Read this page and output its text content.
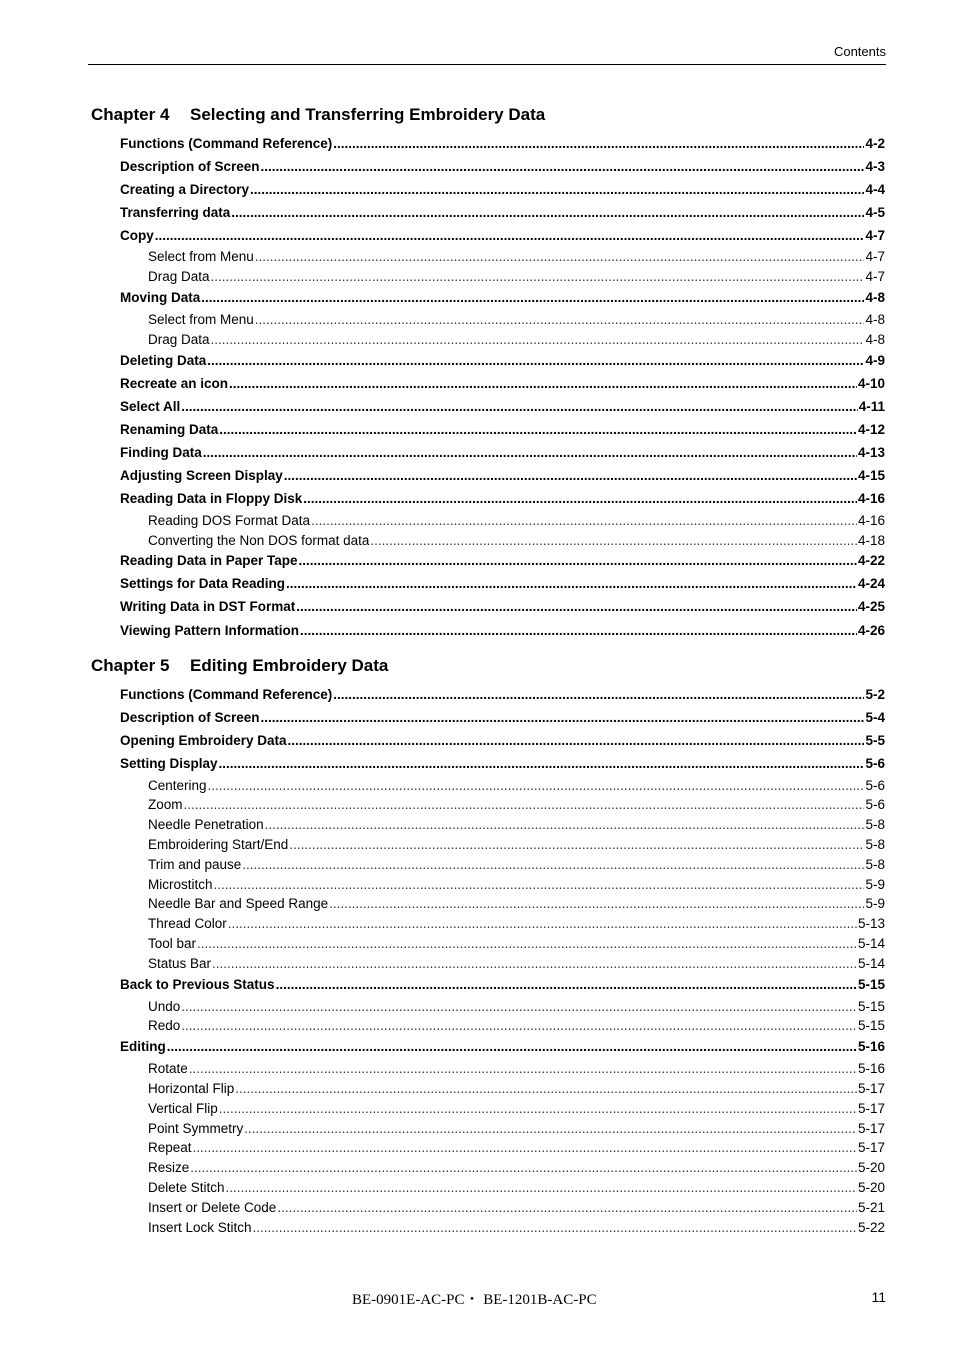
Contents
Chapter 4 Selecting and Transferring Embroidery Data
Functions (Command Reference) .....	4-2
Description of Screen .....	4-3
Creating a Directory .....	4-4
Transferring data .....	4-5
Copy .....	4-7
Select from Menu .....	4-7
Drag Data .....	4-7
Moving Data .....	4-8
Select from Menu .....	4-8
Drag Data .....	4-8
Deleting Data .....	4-9
Recreate an icon .....	4-10
Select All .....	4-11
Renaming Data .....	4-12
Finding Data .....	4-13
Adjusting Screen Display .....	4-15
Reading Data in Floppy Disk .....	4-16
Reading DOS Format Data .....	4-16
Converting the Non DOS format data .....	4-18
Reading Data in Paper Tape .....	4-22
Settings for Data Reading .....	4-24
Writing Data in DST Format .....	4-25
Viewing Pattern Information .....	4-26
Chapter 5 Editing Embroidery Data
Functions (Command Reference) .....	5-2
Description of Screen .....	5-4
Opening Embroidery Data .....	5-5
Setting Display .....	5-6
Centering .....	5-6
Zoom .....	5-6
Needle Penetration .....	5-8
Embroidering Start/End .....	5-8
Trim and pause .....	5-8
Microstitch .....	5-9
Needle Bar and Speed Range .....	5-9
Thread Color .....	5-13
Tool bar .....	5-14
Status Bar .....	5-14
Back to Previous Status .....	5-15
Undo .....	5-15
Redo .....	5-15
Editing .....	5-16
Rotate .....	5-16
Horizontal Flip .....	5-17
Vertical Flip .....	5-17
Point Symmetry .....	5-17
Repeat .....	5-17
Resize .....	5-20
Delete Stitch .....	5-20
Insert or Delete Code .....	5-21
Insert Lock Stitch .....	5-22
BE-0901E-AC-PC・ BE-1201B-AC-PC	11
